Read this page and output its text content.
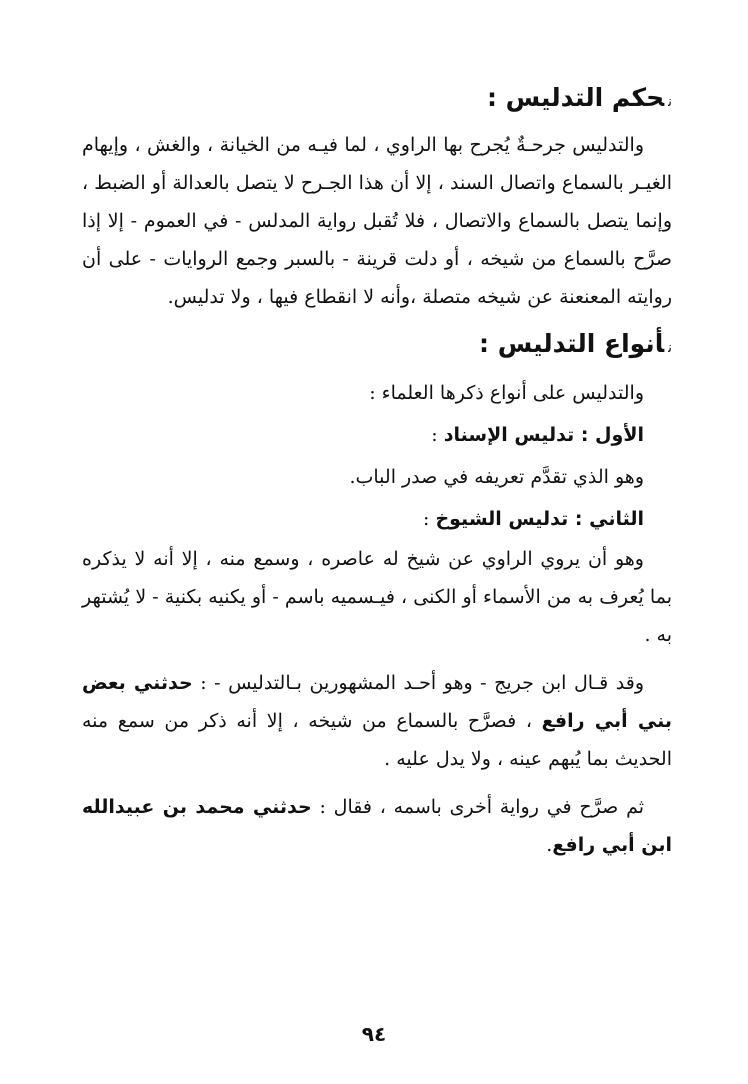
نحكم التدليس :

والتدليس جرحـةٌ يُجرح بها الراوي ، لما فيـه من الخيانة ، والغش ، وإيهام الغيـر بالسماع واتصال السند ، إلا أن هذا الجـرح لا يتصل بالعدالة أو الضبط ، وإنما يتصل بالسماع والاتصال ، فلا تُقبل رواية المدلس - في العموم - إلا إذا صرَّح بالسماع من شيخه ، أو دلت قرينة - بالسبر وجمع الروايات - على أن روايته المعنعنة عن شيخه متصلة ،وأنه لا انقطاع فيها ، ولا تدليس.

نأنواع التدليس :

والتدليس على أنواع ذكرها العلماء :

الأول : تدليس الإسناد :

وهو الذي تقدَّم تعريفه في صدر الباب.

الثاني : تدليس الشيوخ :

وهو أن يروي الراوي عن شيخ له عاصره ، وسمع منه ، إلا أنه لا يذكره بما يُعرف به من الأسماء أو الكنى ، فيـسميه باسم - أو يكنيه بكنية - لا يُشتهر به .

وقد قـال ابن جريج - وهو أحـد المشهورين بـالتدليس - : حدثني بعض بني أبي رافع ، فصرَّح بالسماع من شيخه ، إلا أنه ذكر من سمع منه الحديث بما يُبهم عينه ، ولا يدل عليه .

ثم صرَّح في رواية أخرى باسمه ، فقال : حدثني محمد بن عبيدالله ابن أبي رافع.

٩٤
